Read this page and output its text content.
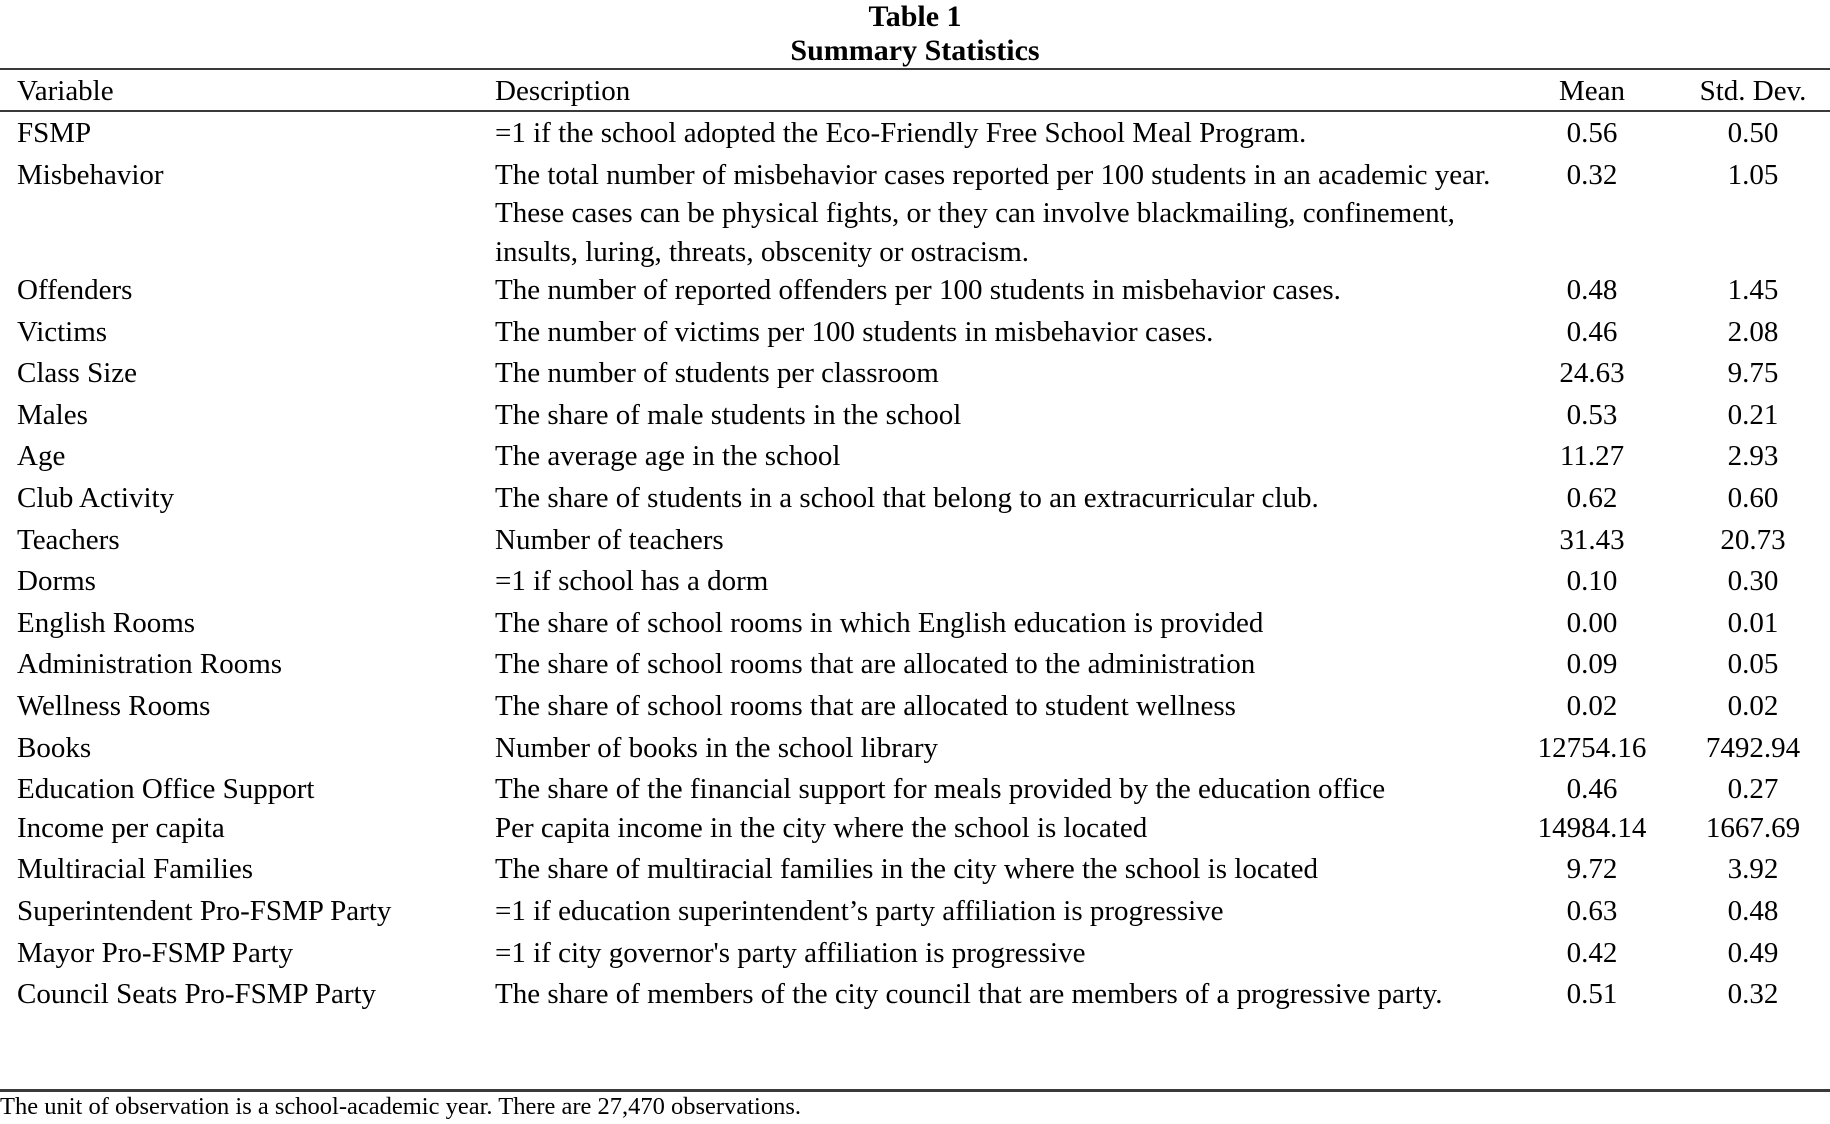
Table 1
Summary Statistics
Variable	Description	Mean	Std. Dev.
FSMP	=1 if the school adopted the Eco-Friendly Free School Meal Program.	0.56	0.50
Misbehavior	The total number of misbehavior cases reported per 100 students in an academic year. These cases can be physical fights, or they can involve blackmailing, confinement, insults, luring, threats, obscenity or ostracism.	0.32	1.05
Offenders	The number of reported offenders per 100 students in misbehavior cases.	0.48	1.45
Victims	The number of victims per 100 students in misbehavior cases.	0.46	2.08
Class Size	The number of students per classroom	24.63	9.75
Males	The share of male students in the school	0.53	0.21
Age	The average age in the school	11.27	2.93
Club Activity	The share of students in a school that belong to an extracurricular club.	0.62	0.60
Teachers	Number of teachers	31.43	20.73
Dorms	=1 if school has a dorm	0.10	0.30
English Rooms	The share of school rooms in which English education is provided	0.00	0.01
Administration Rooms	The share of school rooms that are allocated to the administration	0.09	0.05
Wellness Rooms	The share of school rooms that are allocated to student wellness	0.02	0.02
Books	Number of books in the school library	12754.16	7492.94
Education Office Support	The share of the financial support for meals provided by the education office	0.46	0.27
Income per capita	Per capita income in the city where the school is located	14984.14	1667.69
Multiracial Families	The share of multiracial families in the city where the school is located	9.72	3.92
Superintendent Pro-FSMP Party	=1 if education superintendent’s party affiliation is progressive	0.63	0.48
Mayor Pro-FSMP Party	=1 if city governor's party affiliation is progressive	0.42	0.49
Council Seats Pro-FSMP Party	The share of members of the city council that are members of a progressive party.	0.51	0.32
The unit of observation is a school-academic year. There are 27,470 observations.
